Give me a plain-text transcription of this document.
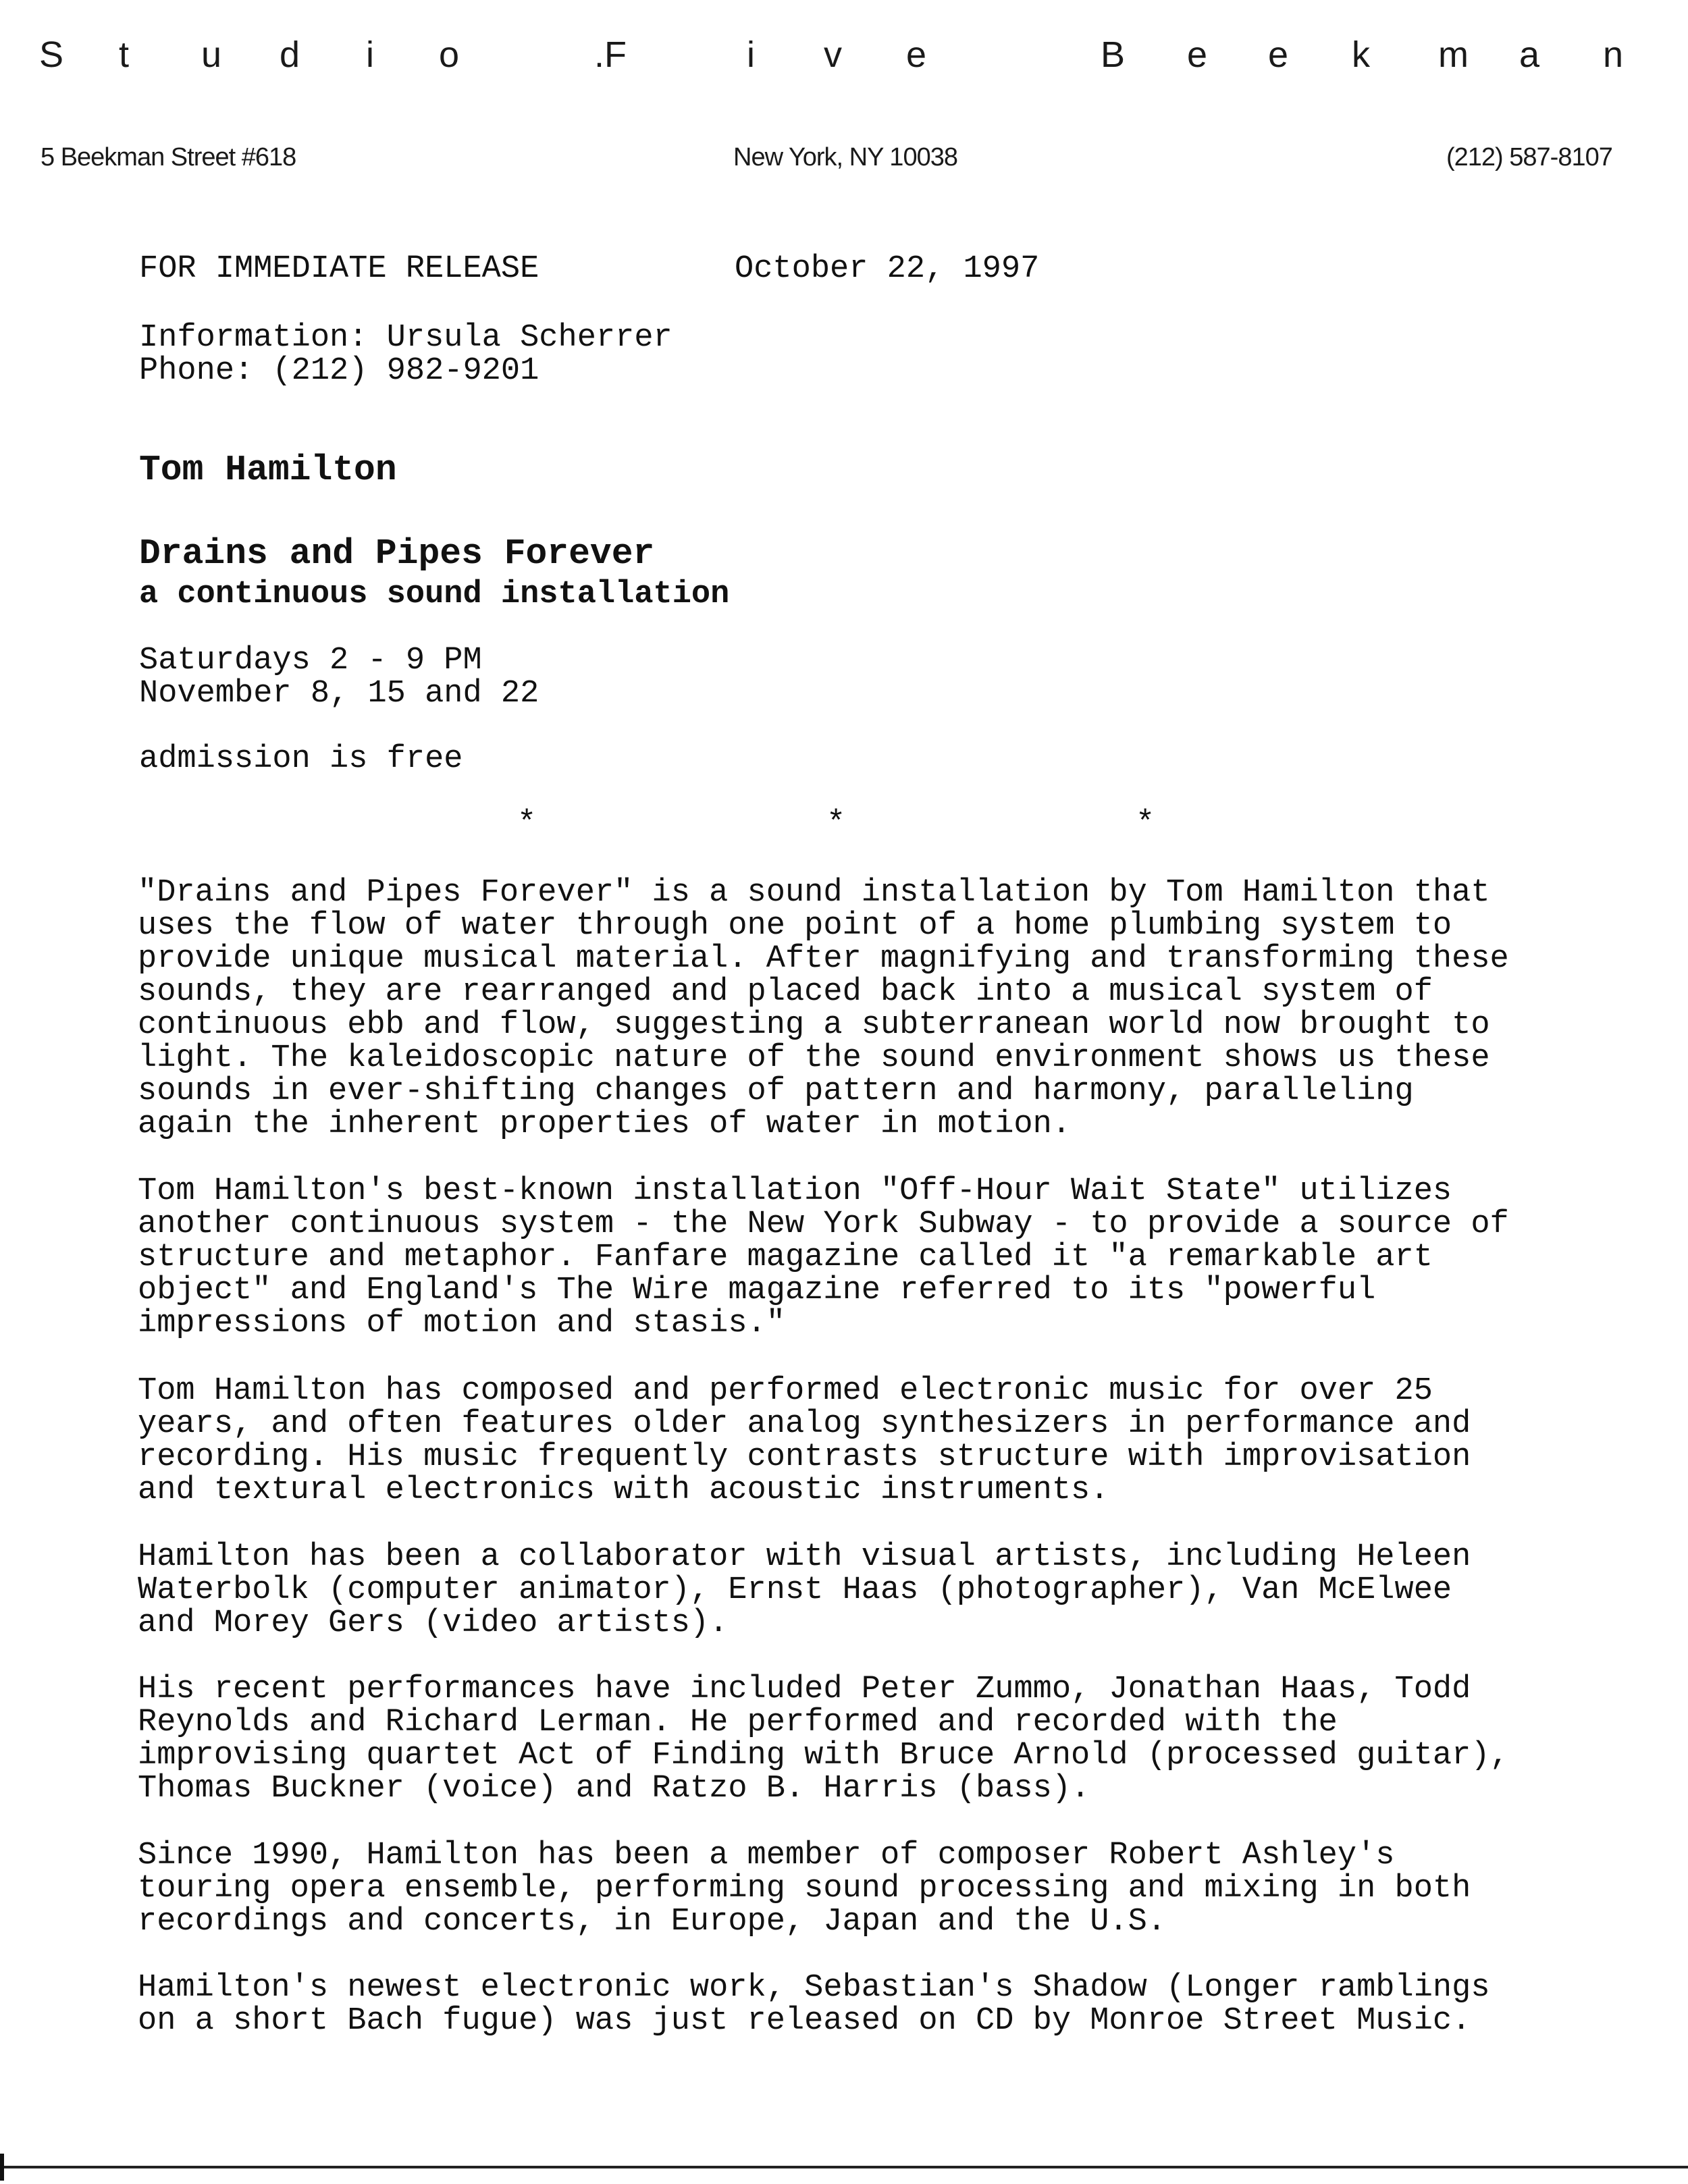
S t u d i o	.F	i v e	B e e k m a n
5 Beekman Street #618	New York, NY 10038	(212) 587-8107
FOR IMMEDIATE RELEASE	October 22, 1997
Information: Ursula Scherrer
Phone: (212) 982-9201
Tom Hamilton
Drains and Pipes Forever
a continuous sound installation
Saturdays 2 - 9 PM
November 8, 15 and 22
admission is free
*	*	*
"Drains and Pipes Forever" is a sound installation by Tom Hamilton that
uses the flow of water through one point of a home plumbing system to
provide unique musical material. After magnifying and transforming these
sounds, they are rearranged and placed back into a musical system of
continuous ebb and flow, suggesting a subterranean world now brought to
light. The kaleidoscopic nature of the sound environment shows us these
sounds in ever-shifting changes of pattern and harmony, paralleling
again the inherent properties of water in motion.
Tom Hamilton's best-known installation "Off-Hour Wait State" utilizes
another continuous system - the New York Subway - to provide a source of
structure and metaphor. Fanfare magazine called it "a remarkable art
object" and England's The Wire magazine referred to its "powerful
impressions of motion and stasis."
Tom Hamilton has composed and performed electronic music for over 25
years, and often features older analog synthesizers in performance and
recording. His music frequently contrasts structure with improvisation
and textural electronics with acoustic instruments.
Hamilton has been a collaborator with visual artists, including Heleen
Waterbolk (computer animator), Ernst Haas (photographer), Van McElwee
and Morey Gers (video artists).
His recent performances have included Peter Zummo, Jonathan Haas, Todd
Reynolds and Richard Lerman. He performed and recorded with the
improvising quartet Act of Finding with Bruce Arnold (processed guitar),
Thomas Buckner (voice) and Ratzo B. Harris (bass).
Since 1990, Hamilton has been a member of composer Robert Ashley's
touring opera ensemble, performing sound processing and mixing in both
recordings and concerts, in Europe, Japan and the U.S.
Hamilton's newest electronic work, Sebastian's Shadow (Longer ramblings
on a short Bach fugue) was just released on CD by Monroe Street Music.
